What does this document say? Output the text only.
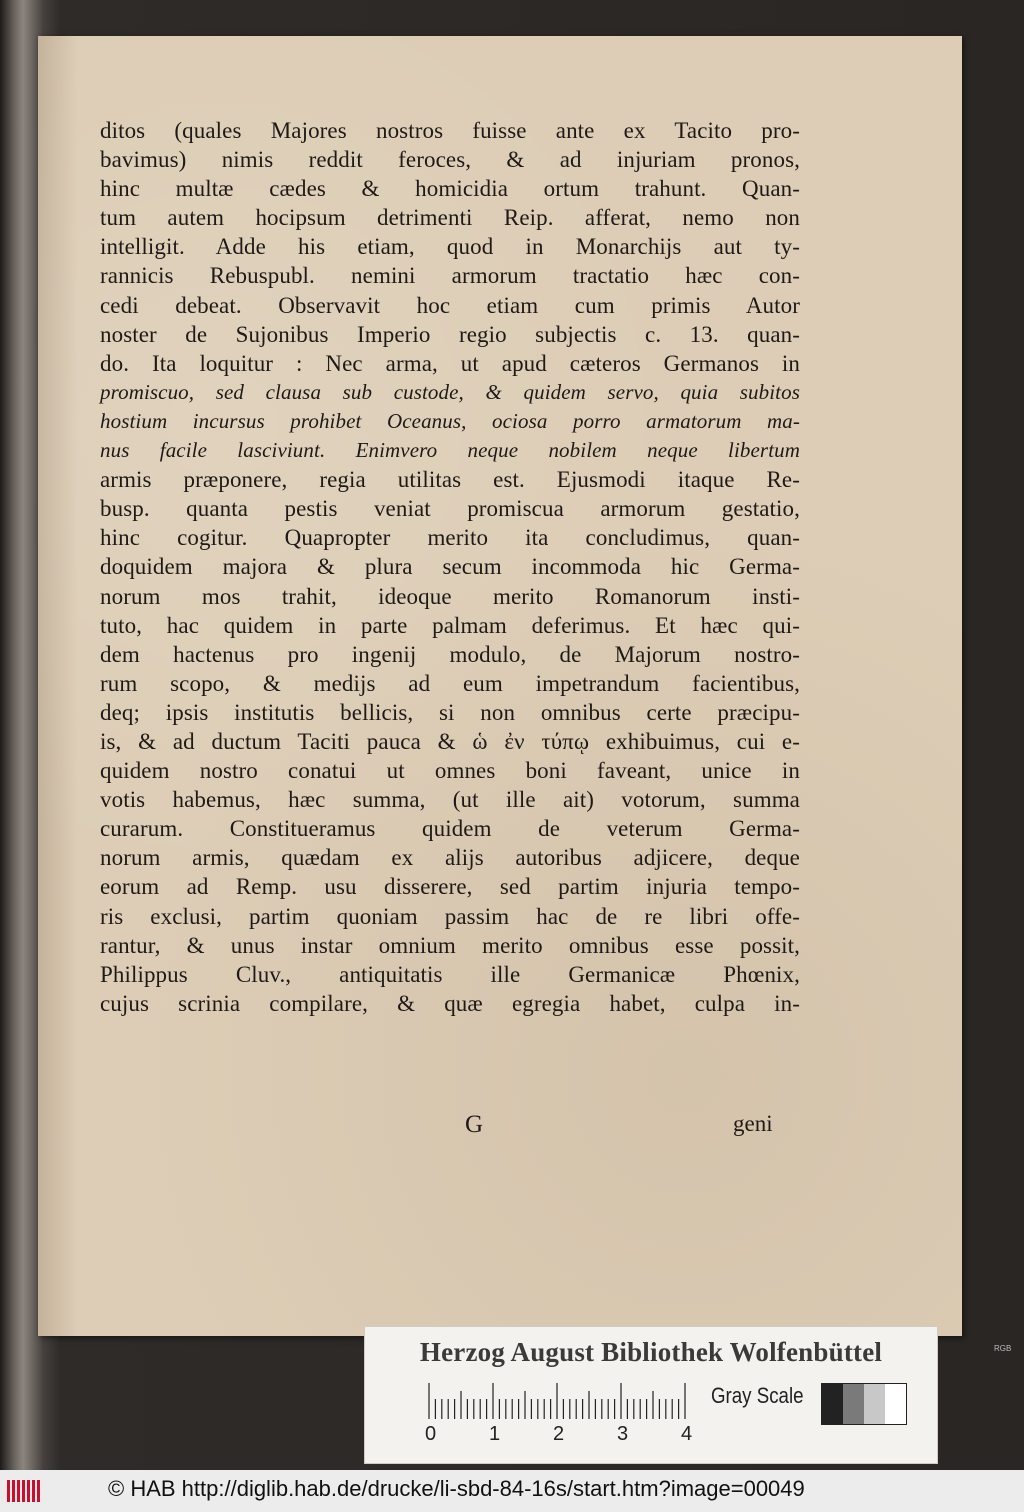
ditos (quales Majores nostros fuisse ante ex Tacito pro-
bavimus) nimis reddit feroces, & ad injuriam pronos,
hinc multæ cædes & homicidia ortum trahunt. Quan-
tum autem hocipsum detrimenti Reip. afferat, nemo non
intelligit. Adde his etiam, quod in Monarchijs aut ty-
rannicis Rebuspubl. nemini armorum tractatio hæc con-
cedi debeat. Observavit hoc etiam cum primis Autor
noster de Sujonibus Imperio regio subjectis c. 13. quan-
do. Ita loquitur : Nec arma, ut apud cæteros Germanos in
promiscuo, sed clausa sub custode, & quidem servo, quia subitos
hostium incursus prohibet Oceanus, ociosa porro armatorum ma-
nus facile lasciviunt. Enimvero neque nobilem neque libertum
armis præponere, regia utilitas est. Ejusmodi itaque Re-
busp. quanta pestis veniat promiscua armorum gestatio,
hinc cogitur. Quapropter merito ita concludimus, quan-
doquidem majora & plura secum incommoda hic Germa-
norum mos trahit, ideoque merito Romanorum insti-
tuto, hac quidem in parte palmam deferimus. Et hæc qui-
dem hactenus pro ingenij modulo, de Majorum nostro-
rum scopo, & medijs ad eum impetrandum facientibus,
deq; ipsis institutis bellicis, si non omnibus certe præcipu-
is, & ad ductum Taciti pauca & ὡ ἐν τύπῳ exhibuimus, cui e-
quidem nostro conatui ut omnes boni faveant, unice in
votis habemus, hæc summa, (ut ille ait) votorum, summa
curarum. Constitueramus quidem de veterum Germa-
norum armis, quædam ex alijs autoribus adjicere, deque
eorum ad Remp. usu disserere, sed partim injuria tempo-
ris exclusi, partim quoniam passim hac de re libri offe-
rantur, & unus instar omnium merito omnibus esse possit,
Philippus Cluv., antiquitatis ille Germanicæ Phœnix,
cujus scrinia compilare, & quæ egregia habet, culpa in-
G	geni
Herzog August Bibliothek Wolfenbüttel
0	1	2	3	4
Gray Scale
RGB
© HAB http://diglib.hab.de/drucke/li-sbd-84-16s/start.htm?image=00049
